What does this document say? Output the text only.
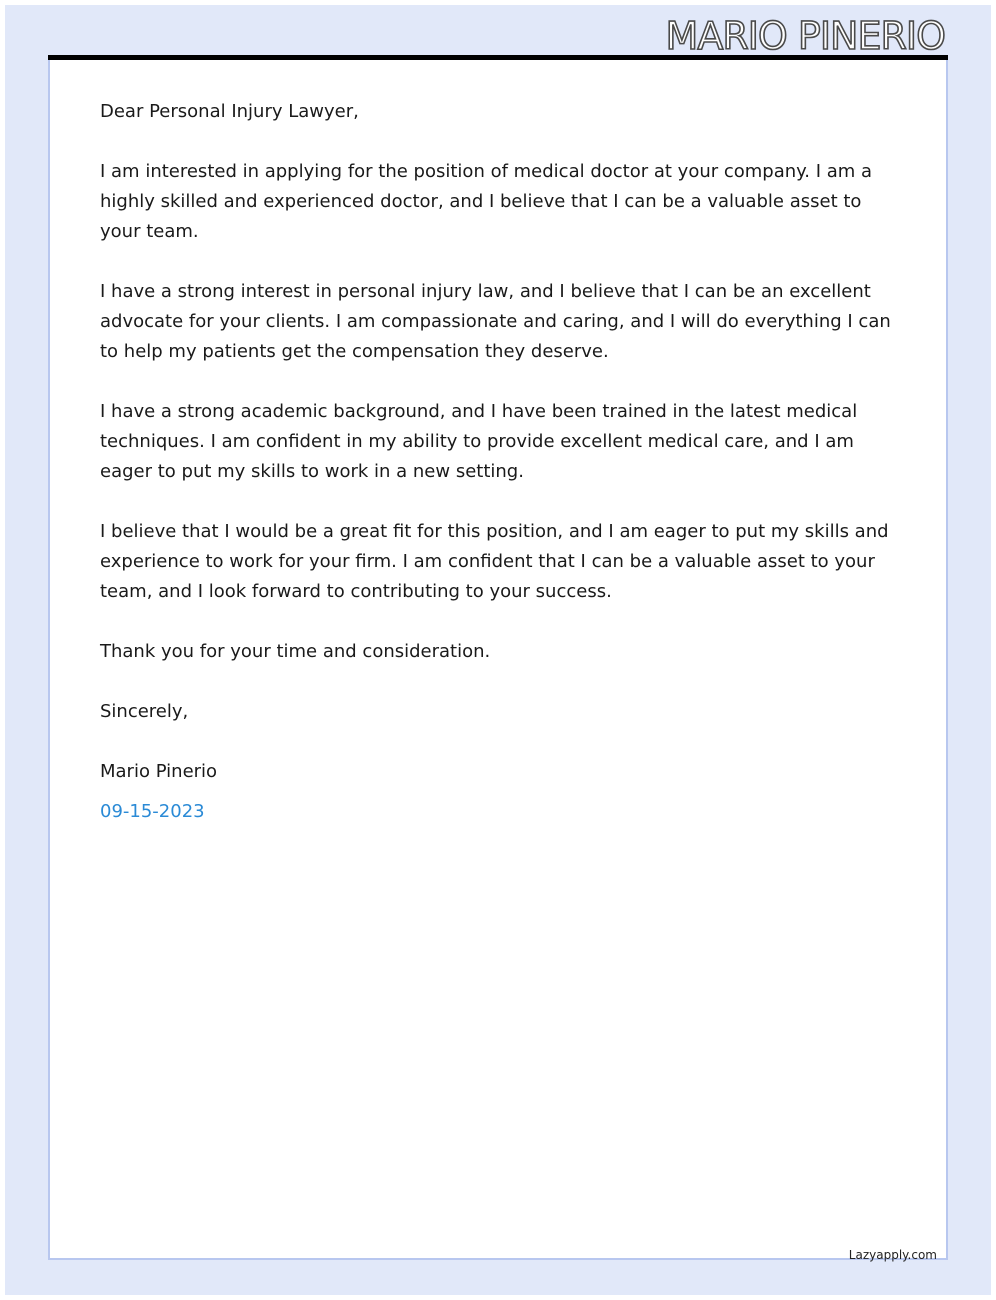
MARIO PINERIO

Dear Personal Injury Lawyer,

I am interested in applying for the position of medical doctor at your company. I am a highly skilled and experienced doctor, and I believe that I can be a valuable asset to your team.

I have a strong interest in personal injury law, and I believe that I can be an excellent advocate for your clients. I am compassionate and caring, and I will do everything I can to help my patients get the compensation they deserve.

I have a strong academic background, and I have been trained in the latest medical techniques. I am confident in my ability to provide excellent medical care, and I am eager to put my skills to work in a new setting.

I believe that I would be a great fit for this position, and I am eager to put my skills and experience to work for your firm. I am confident that I can be a valuable asset to your team, and I look forward to contributing to your success.

Thank you for your time and consideration.

Sincerely,

Mario Pinerio

09-15-2023

Lazyapply.com
